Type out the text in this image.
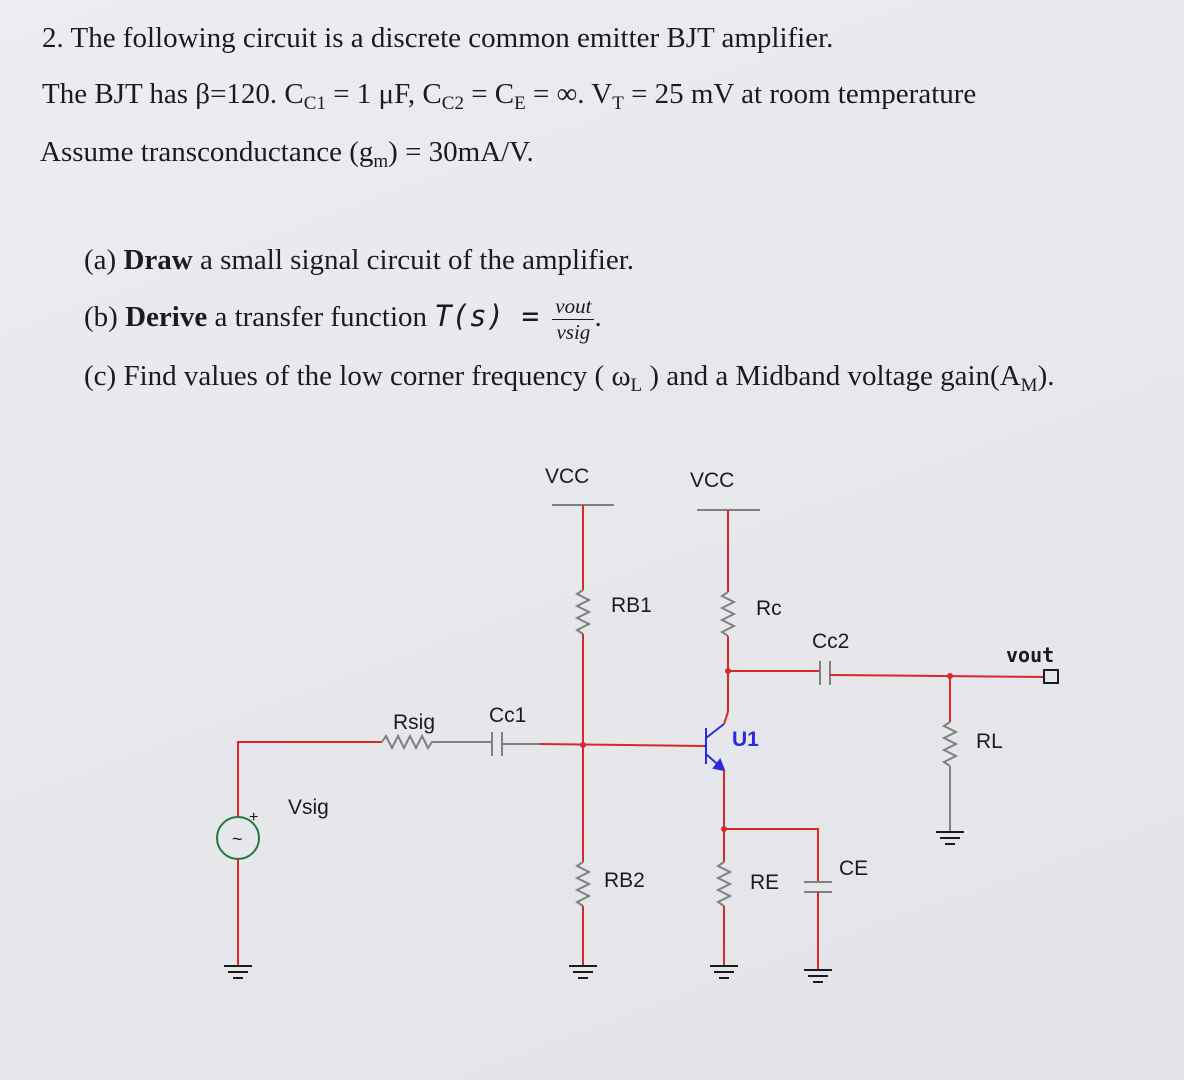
2. The following circuit is a discrete common emitter BJT amplifier.
The BJT has β=120. $C_{C1} = 1$ μF, $C_{C2} = C_E$ = ∞. $V_T = 25$ mV at room temperature
Assume transconductance $(g_m) = 30mA/V$.
(a) Draw a small signal circuit of the amplifier.
(b) Derive a transfer function $T(s) = \frac{\text{vout}}{\text{vsig}}$ .
(c) Find values of the low corner frequency ( $\omega_L$ ) and a Midband voltage $gain(A_M)$.
VCC	VCC
RB1	Rc
Cc2
vout
RL
+
~
Vsig
Rsig	Cc1
RB2
U1
RE
CE
